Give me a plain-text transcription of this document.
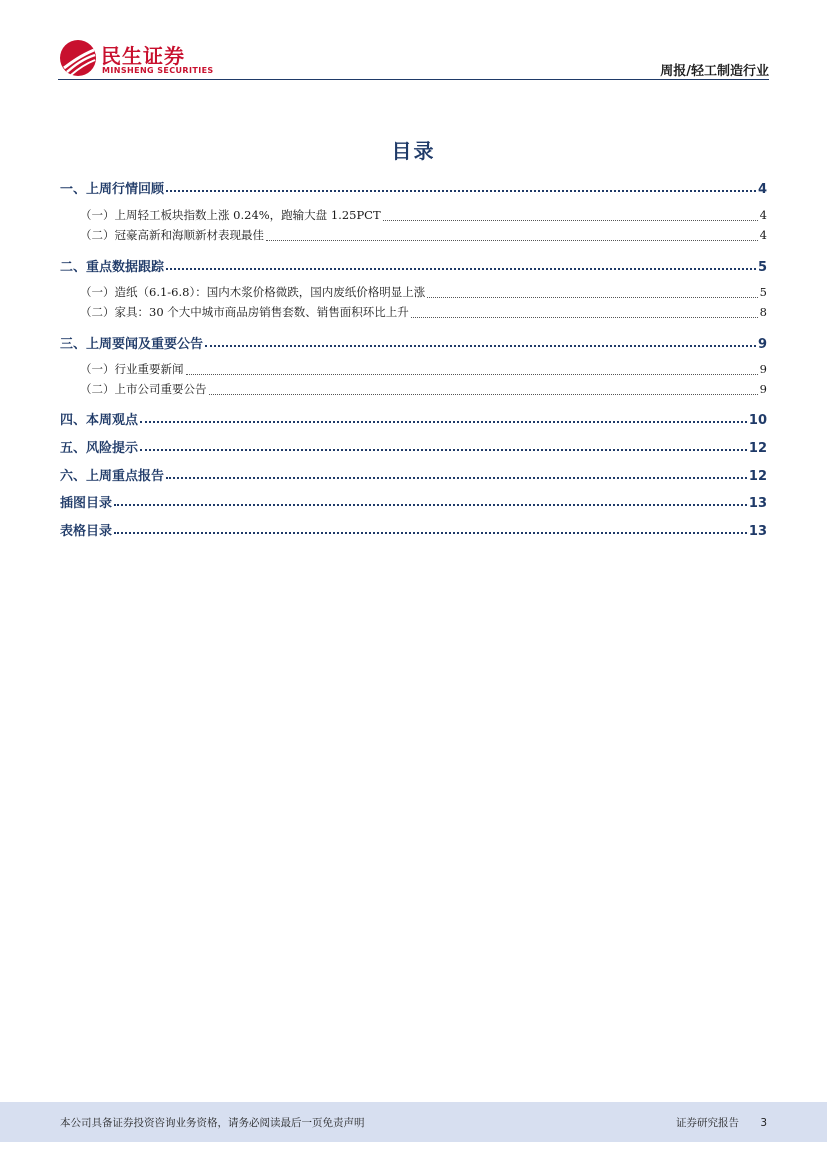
民生证券
MINSHENG SECURITIES	周报/轻工制造行业
目录
一、上周行情回顾	4
（一）上周轻工板块指数上涨 0.24%，跑输大盘 1.25PCT	4
（二）冠豪高新和海顺新材表现最佳	4
二、重点数据跟踪	5
（一）造纸（6.1-6.8）：国内木浆价格微跌，国内废纸价格明显上涨	5
（二）家具：30 个大中城市商品房销售套数、销售面积环比上升	8
三、上周要闻及重要公告	9
（一）行业重要新闻	9
（二）上市公司重要公告	9
四、本周观点	10
五、风险提示	12
六、上周重点报告	12
插图目录	13
表格目录	13
本公司具备证券投资咨询业务资格，请务必阅读最后一页免责声明	证券研究报告 3
